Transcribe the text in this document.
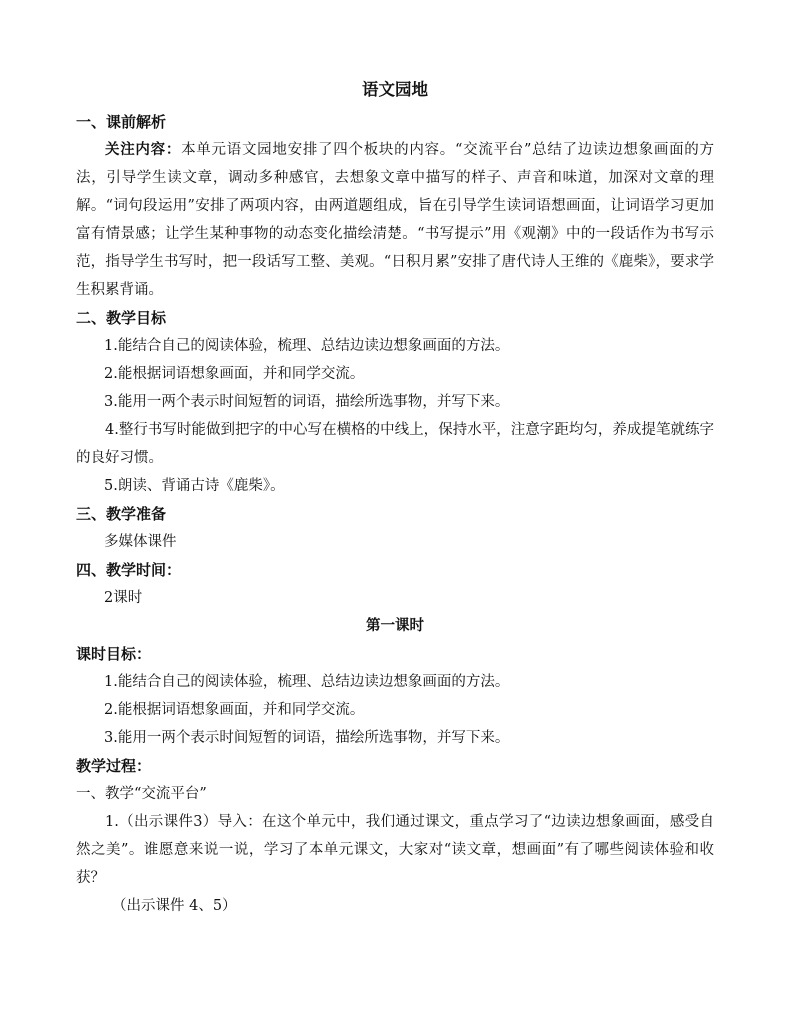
语文园地
一、课前解析

关注内容：本单元语文园地安排了四个板块的内容。“交流平台”总结了边读边想象画面的方法，引导学生读文章，调动多种感官，去想象文章中描写的样子、声音和味道，加深对文章的理解。“词句段运用”安排了两项内容，由两道题组成，旨在引导学生读词语想画面，让词语学习更加富有情景感；让学生某种事物的动态变化描绘清楚。“书写提示”用《观潮》中的一段话作为书写示范，指导学生书写时，把一段话写工整、美观。“日积月累”安排了唐代诗人王维的《鹿柴》，要求学生积累背诵。

二、教学目标

1.能结合自己的阅读体验，梳理、总结边读边想象画面的方法。

2.能根据词语想象画面，并和同学交流。

3.能用一两个表示时间短暂的词语，描绘所选事物，并写下来。

4.整行书写时能做到把字的中心写在横格的中线上，保持水平，注意字距均匀，养成提笔就练字的良好习惯。

5.朗读、背诵古诗《鹿柴》。

三、教学准备

多媒体课件

四、教学时间：

2课时

第一课时
课时目标：

1.能结合自己的阅读体验，梳理、总结边读边想象画面的方法。

2.能根据词语想象画面，并和同学交流。

3.能用一两个表示时间短暂的词语，描绘所选事物，并写下来。

教学过程：

一、教学“交流平台”

1.（出示课件3）导入：在这个单元中，我们通过课文，重点学习了“边读边想象画面，感受自然之美”。谁愿意来说一说，学习了本单元课文，大家对“读文章，想画面”有了哪些阅读体验和收获？

（出示课件 4、5）
